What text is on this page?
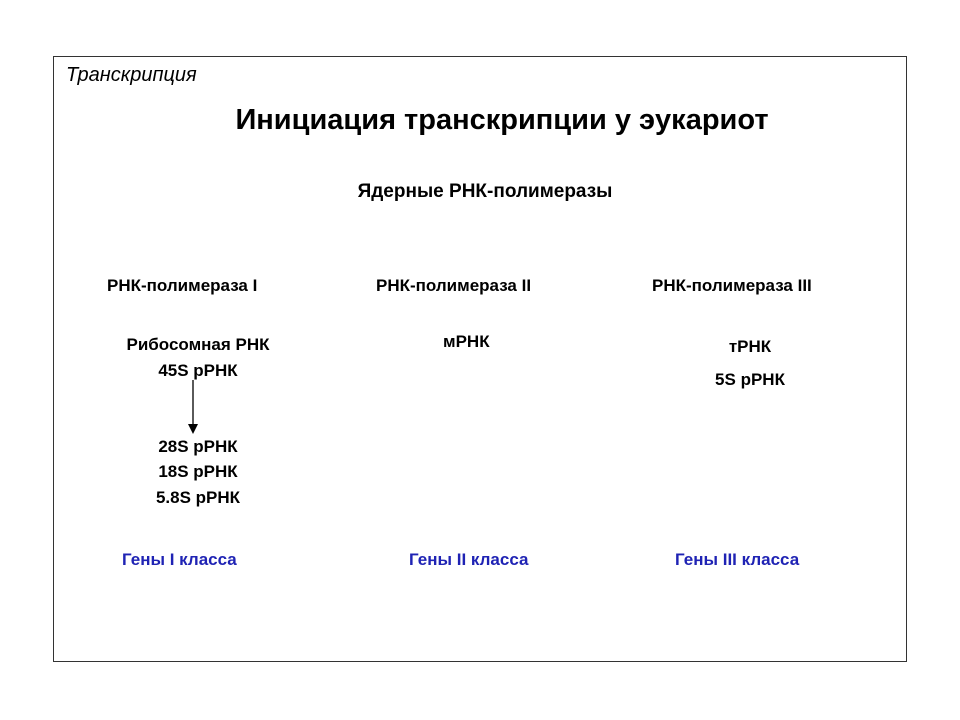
Транскрипция
Инициация транскрипции у эукариот
Ядерные РНК-полимеразы
РНК-полимераза I
Рибосомная РНК
45S рРНК
28S рРНК
18S рРНК
5.8S рРНК
Гены I класса
РНК-полимераза II
мРНК
Гены II класса
РНК-полимераза III
тРНК
5S рРНК
Гены III класса
